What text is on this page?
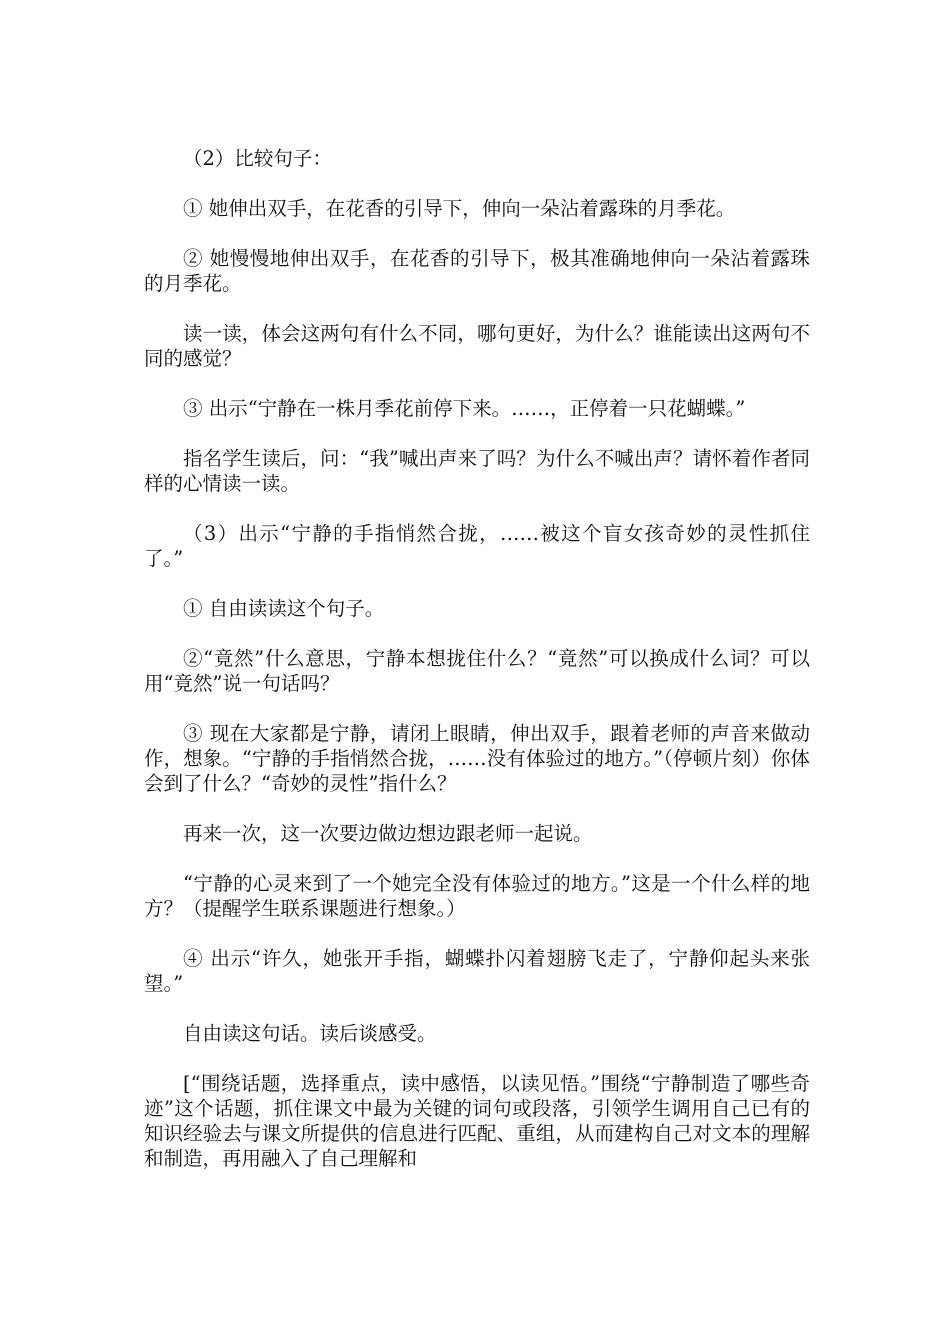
（2）比较句子：

① 她伸出双手，在花香的引导下，伸向一朵沾着露珠的月季花。

② 她慢慢地伸出双手，在花香的引导下，极其准确地伸向一朵沾着露珠的月季花。

读一读，体会这两句有什么不同，哪句更好，为什么？谁能读出这两句不同的感觉？

③ 出示“宁静在一株月季花前停下来。……，正停着一只花蝴蝶。”

指名学生读后，问：“我”喊出声来了吗？为什么不喊出声？请怀着作者同样的心情读一读。

（3）出示“宁静的手指悄然合拢，……被这个盲女孩奇妙的灵性抓住了。”

① 自由读读这个句子。

②“竟然”什么意思，宁静本想拢住什么？“竟然”可以换成什么词？可以用“竟然”说一句话吗？

③ 现在大家都是宁静，请闭上眼睛，伸出双手，跟着老师的声音来做动作，想象。“宁静的手指悄然合拢，……没有体验过的地方。”（停顿片刻）你体会到了什么？“奇妙的灵性”指什么？

再来一次，这一次要边做边想边跟老师一起说。

“宁静的心灵来到了一个她完全没有体验过的地方。”这是一个什么样的地方？（提醒学生联系课题进行想象。）

④ 出示“许久，她张开手指，蝴蝶扑闪着翅膀飞走了，宁静仰起头来张望。”

自由读这句话。读后谈感受。

[“围绕话题，选择重点，读中感悟，以读见悟。”围绕“宁静制造了哪些奇迹”这个话题，抓住课文中最为关键的词句或段落，引领学生调用自己已有的知识经验去与课文所提供的信息进行匹配、重组，从而建构自己对文本的理解和制造，再用融入了自己理解和
